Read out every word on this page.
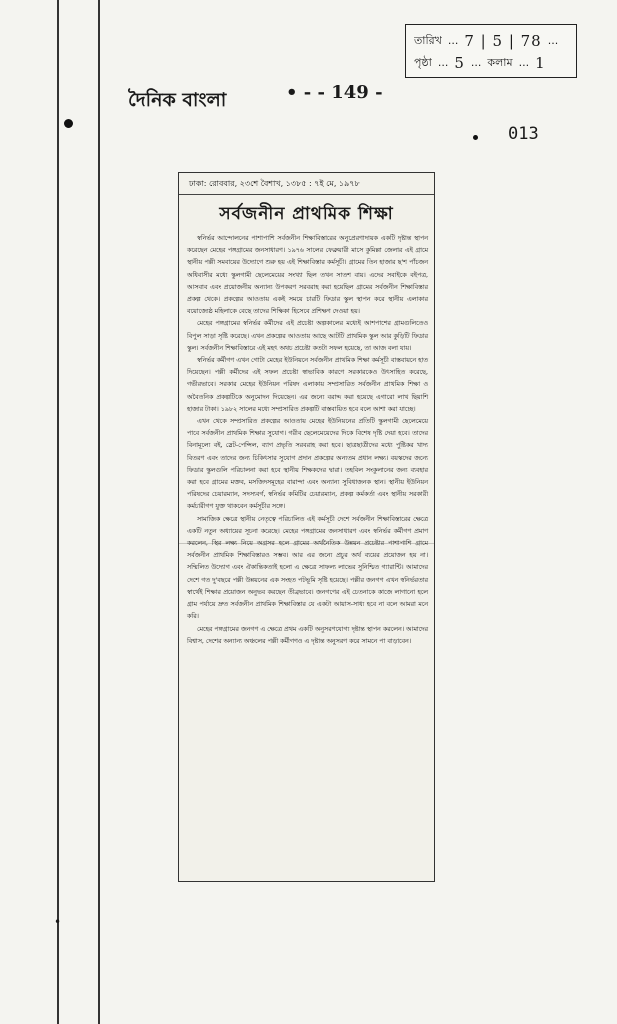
•
তারিখ ... 7 | 5 | 78 ...
পৃষ্ঠা ... 5 ... কলাম ... 1
দৈনিক বাংলা	• - - 149 -
013
ঢাকা: রোববার, ২৩শে বৈশাখ, ১৩৮৫ : ৭ই মে, ১৯৭৮
সর্বজনীন প্রাথমিক শিক্ষা

স্বনির্ভর আন্দোলনের পাশাপাশি সর্বজনীন শিক্ষাবিস্তারের অনুপ্রেরণাদায়ক একটি দৃষ্টান্ত স্থাপন করেছেন মেহের পঙ্গগ্রামের জনসাধারণ। ১৯৭৬ সালের ফেব্রুয়ারী মাসে কুমিল্লা জেলার এই গ্রামে স্থানীয় পল্লী সমবায়ের উদ্যোগে শুরু হয় এই শিক্ষাবিস্তার কর্মসূচী। গ্রামের তিন হাজার ছ'শ পাঁচজন অধিবাসীর মধ্যে স্কুলগামী ছেলেমেয়ের সংখ্যা ছিল তখন সাতশ বায়। এদের সবাইকে বইপত্র, আসবাব এবং প্রয়োজনীয় অন্যান্য উপকরণ সরবরাহ করা হয়েছিল গ্রামের সর্বজনীন শিক্ষাবিস্তার প্রকল্প থেকে। প্রকল্পের আওতায় একই সময়ে চারটি ফিডার স্কুল স্থাপন করে স্থানীয় এলাকার বয়োজ্যেষ্ঠ মহিলাকে বেছে তাদের শিক্ষিকা হিসেবে প্রশিক্ষণ দেওয়া হয়।

মেহের পঙ্গগ্রামের স্বনির্ভর কর্মীদের এই প্রচেষ্টা অল্পকালের মধ্যেই আশপাশের গ্রামগুলিতেও বিপুল সাড়া সৃষ্টি করেছে। এখন প্রকল্পের আওতায় আছে আটটি প্রাথমিক স্কুল আর কুড়িটি ফিডার স্কুল। সর্বজনীন শিক্ষাবিস্তারে এই মহৎ অথচ প্রচেষ্টা কতটা সফল হয়েছে, তা আজ বলা যায়।

স্বনির্ভর কর্মীগণ এখন গোটা মেহের ইউনিয়নে সর্বজনীন প্রাথমিক শিক্ষা কর্মসূচী বাস্তবায়নে হাত দিয়েছেন। পল্লী কর্মীদের এই সফল প্রচেষ্টা স্বাভাবিক কারণে সরকারকেও উৎসাহিত করেছে, গভীরভাবে। সরকার মেহের ইউনিয়ন পরিষদ এলাকায় সম্প্রসারিত সর্বজনীন প্রাথমিক শিক্ষা ও অবৈতনিক প্রকল্পটিকে অনুমোদন দিয়েছেন। এর জন্যে বরাদ্দ করা হয়েছে এগারো লাখ ছিয়াশি হাজার টাকা। ১৯৮২ সালের মধ্যে সম্প্রসারিত প্রকল্পটি বাস্তবায়িত হবে বলে আশা করা যাচ্ছে।

এখন থেকে সম্প্রসারিত প্রকল্পের আওতায় মেহের ইউনিয়নের প্রতিটি স্কুলগামী ছেলেমেয়ে পাবে সর্বজনীন প্রাথমিক শিক্ষার সুযোগ। গরীব ছেলেমেয়েদের দিকে বিশেষ দৃষ্টি দেয়া হবে। তাদের বিনামূল্যে বই, স্লেট-পেন্সিল, ব্যাগ প্রভৃতি সরবরাহ করা হবে। ছাত্রছাত্রীদের মধ্যে পুষ্টিকর খাদ্য বিতরণ এবং তাদের জন্য চিকিৎসার সুযোগ প্রদান প্রকল্পের অন্যতম প্রধান লক্ষ্য। বয়স্কদের জন্যে ফিডার স্কুলগুলি পরিচালনা করা হবে স্থানীয় শিক্ষকদের দ্বারা। তহবিল সংকুলানের জন্য ব্যবহার করা হবে গ্রামের মক্তব, মসজিদসমূহের বারান্দা এবং অন্যান্য সুবিধাজনক স্থান। স্থানীয় ইউনিয়ন পরিষদের চেয়ারম্যান, সদস্যবর্গ, স্বনির্ভর কমিটির চেয়ারম্যান, প্রকল্প কর্মকর্তা এবং স্থানীয় সরকারী কর্মচারীগণ যুক্ত থাকবেন কর্মসূচীর সঙ্গে।

সামাজিক ক্ষেত্রে স্থানীয় নেতৃত্বে পরিচালিত এই কর্মসূচী দেশে সর্বজনীন শিক্ষাবিস্তারের ক্ষেত্রে একটি নতুন অধ্যায়ের সূচনা করেছে। মেহের পঙ্গগ্রামের জনসাধারণ এবং স্বনির্ভর কর্মীগণ প্রমাণ করলেন, স্থির লক্ষ্য নিয়ে অগ্রসর হলে গ্রামের অর্থনৈতিক উন্নয়ন প্রচেষ্টার পাশাপাশি গ্রামে সর্বজনীন প্রাথমিক শিক্ষাবিস্তারও সম্ভব। আর এর জন্যে প্রচুর অর্থ ব্যয়ের প্রয়োজন হয় না। সম্মিলিত উদ্যোগ এবং ঐকান্তিকতাই হলো এ ক্ষেত্রে সাফল্য লাভের সুনিশ্চিত গ্যারান্টি। আমাদের দেশে গত দু'বছরে পল্লী উন্নয়নের এক সংহত পটভূমি সৃষ্টি হয়েছে। পল্লীর জনগণ এখন স্বনির্ভরতার স্বার্থেই শিক্ষার প্রয়োজন অনুভব করছেন তীব্রভাবে। জনগণের এই চেতনাকে কাজে লাগানো হলে গ্রাম পর্যায়ে দ্রুত সর্বজনীন প্রাথমিক শিক্ষাবিস্তার যে একটা আয়াস-সাধ্য হবে না বলে আমরা মনে করি।

মেহের পঙ্গগ্রামের জনগণ এ ক্ষেত্রে প্রথম একটি অনুসরণযোগ্য দৃষ্টান্ত স্থাপন করলেন। আমাদের বিশ্বাস, দেশের অন্যান্য অঞ্চলের পল্লী কর্মীগণও এ দৃষ্টান্ত অনুসরণ করে সামনে পা বাড়াবেন।
